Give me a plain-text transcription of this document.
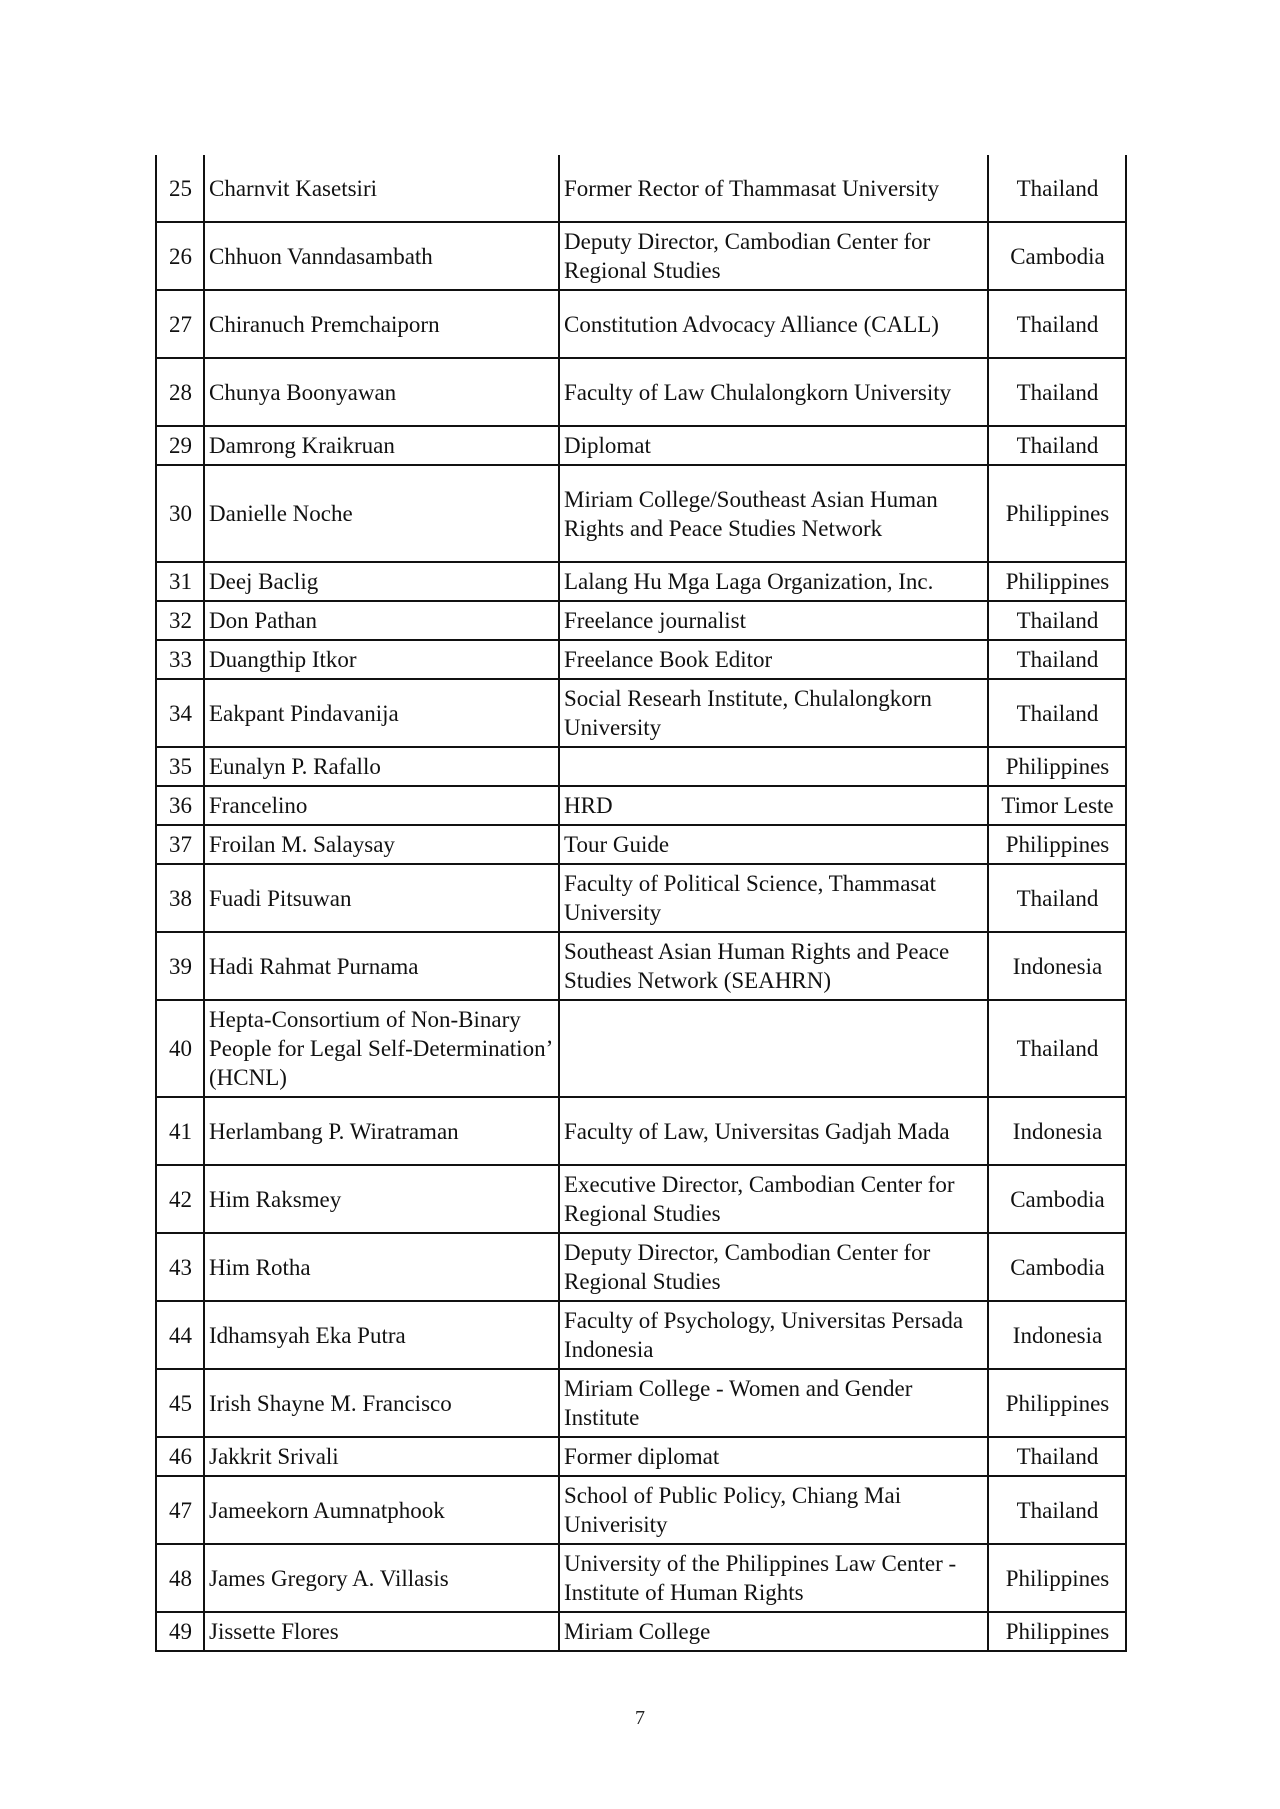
25	Charnvit Kasetsiri	Former Rector of Thammasat University	Thailand
26	Chhuon Vanndasambath	Deputy Director, Cambodian Center for Regional Studies	Cambodia
27	Chiranuch Premchaiporn	Constitution Advocacy Alliance (CALL)	Thailand
28	Chunya Boonyawan	Faculty of Law Chulalongkorn University	Thailand
29	Damrong Kraikruan	Diplomat	Thailand
30	Danielle Noche	Miriam College/Southeast Asian Human Rights and Peace Studies Network	Philippines
31	Deej Baclig	Lalang Hu Mga Laga Organization, Inc.	Philippines
32	Don Pathan	Freelance journalist	Thailand
33	Duangthip Itkor	Freelance Book Editor	Thailand
34	Eakpant Pindavanija	Social Researh Institute, Chulalongkorn University	Thailand
35	Eunalyn P. Rafallo		Philippines
36	Francelino	HRD	Timor Leste
37	Froilan M. Salaysay	Tour Guide	Philippines
38	Fuadi Pitsuwan	Faculty of Political Science, Thammasat University	Thailand
39	Hadi Rahmat Purnama	Southeast Asian Human Rights and Peace Studies Network (SEAHRN)	Indonesia
40	Hepta-Consortium of Non-Binary People for Legal Self-Determination’ (HCNL)		Thailand
41	Herlambang P. Wiratraman	Faculty of Law, Universitas Gadjah Mada	Indonesia
42	Him Raksmey	Executive Director, Cambodian Center for Regional Studies	Cambodia
43	Him Rotha	Deputy Director, Cambodian Center for Regional Studies	Cambodia
44	Idhamsyah Eka Putra	Faculty of Psychology, Universitas Persada Indonesia	Indonesia
45	Irish Shayne M. Francisco	Miriam College - Women and Gender Institute	Philippines
46	Jakkrit Srivali	Former diplomat	Thailand
47	Jameekorn Aumnatphook	School of Public Policy, Chiang Mai Univerisity	Thailand
48	James Gregory A. Villasis	University of the Philippines Law Center - Institute of Human Rights	Philippines
49	Jissette Flores	Miriam College	Philippines
7
